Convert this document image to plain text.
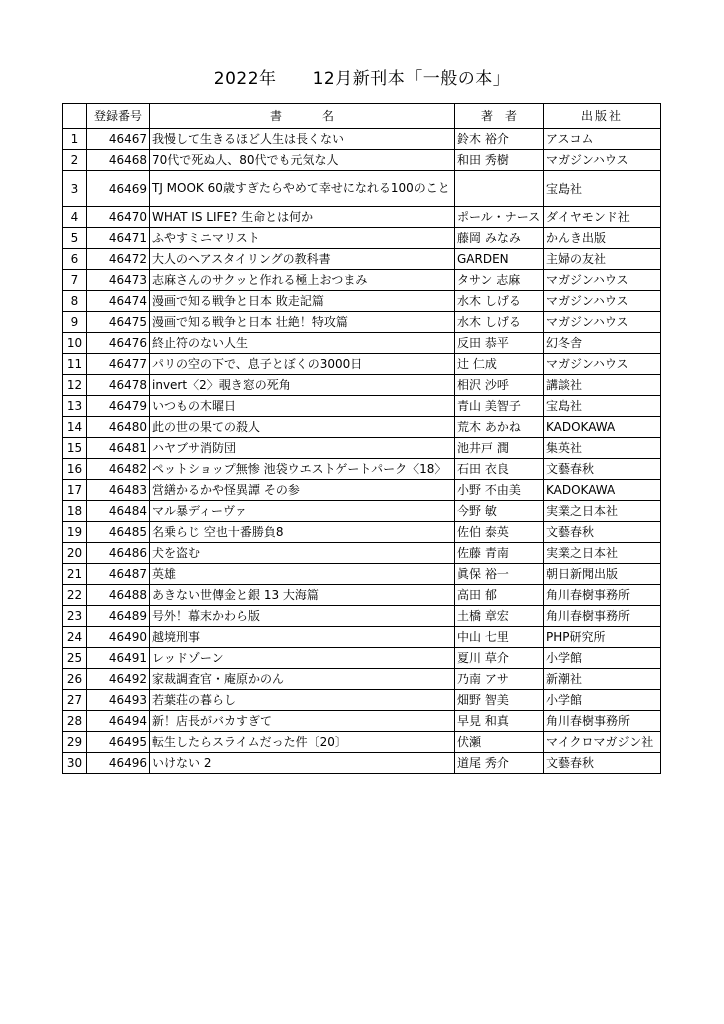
2022年 12月新刊本「一般の本」
	登録番号	書名	著者	出版社
1	46467	我慢して生きるほど人生は長くない	鈴木 裕介	アスコム
2	46468	70代で死ぬ人、80代でも元気な人	和田 秀樹	マガジンハウス
3	46469	TJ MOOK 60歳すぎたらやめて幸せになれる100のこと		宝島社
4	46470	WHAT IS LIFE? 生命とは何か	ポール・ナース	ダイヤモンド社
5	46471	ふやすミニマリスト	藤岡 みなみ	かんき出版
6	46472	大人のヘアスタイリングの教科書	GARDEN	主婦の友社
7	46473	志麻さんのサクッと作れる極上おつまみ	タサン 志麻	マガジンハウス
8	46474	漫画で知る戦争と日本 敗走記篇	水木 しげる	マガジンハウス
9	46475	漫画で知る戦争と日本 壮絶！特攻篇	水木 しげる	マガジンハウス
10	46476	終止符のない人生	反田 恭平	幻冬舎
11	46477	パリの空の下で、息子とぼくの3000日	辻 仁成	マガジンハウス
12	46478	invert〈2〉覗き窓の死角	相沢 沙呼	講談社
13	46479	いつもの木曜日	青山 美智子	宝島社
14	46480	此の世の果ての殺人	荒木 あかね	KADOKAWA
15	46481	ハヤブサ消防団	池井戸 潤	集英社
16	46482	ペットショップ無惨 池袋ウエストゲートパーク〈18〉	石田 衣良	文藝春秋
17	46483	営繕かるかや怪異譚 その参	小野 不由美	KADOKAWA
18	46484	マル暴ディーヴァ	今野 敏	実業之日本社
19	46485	名乗らじ 空也十番勝負8	佐伯 泰英	文藝春秋
20	46486	犬を盗む	佐藤 青南	実業之日本社
21	46487	英雄	眞保 裕一	朝日新聞出版
22	46488	あきない世傳金と銀 13 大海篇	高田 郁	角川春樹事務所
23	46489	号外！幕末かわら版	土橋 章宏	角川春樹事務所
24	46490	越境刑事	中山 七里	PHP研究所
25	46491	レッドゾーン	夏川 草介	小学館
26	46492	家裁調査官・庵原かのん	乃南 アサ	新潮社
27	46493	若葉荘の暮らし	畑野 智美	小学館
28	46494	新！店長がバカすぎて	早見 和真	角川春樹事務所
29	46495	転生したらスライムだった件〔20〕	伏瀬	マイクロマガジン社
30	46496	いけない 2	道尾 秀介	文藝春秋
